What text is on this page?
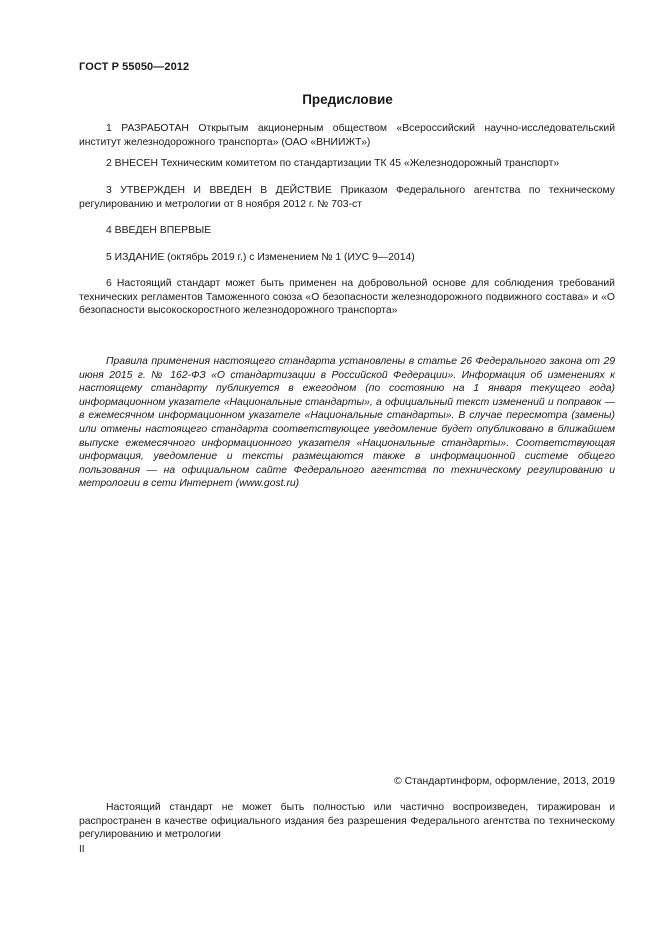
ГОСТ Р 55050—2012
Предисловие

1 РАЗРАБОТАН Открытым акционерным обществом «Всероссийский научно-исследовательский институт железнодорожного транспорта» (ОАО «ВНИИЖТ»)

2 ВНЕСЕН Техническим комитетом по стандартизации ТК 45 «Железнодорожный транспорт»

3 УТВЕРЖДЕН И ВВЕДЕН В ДЕЙСТВИЕ Приказом Федерального агентства по техническому регулированию и метрологии от 8 ноября 2012 г. № 703-ст

4 ВВЕДЕН ВПЕРВЫЕ

5 ИЗДАНИЕ (октябрь 2019 г.) с Изменением № 1 (ИУС 9—2014)

6 Настоящий стандарт может быть применен на добровольной основе для соблюдения требований технических регламентов Таможенного союза «О безопасности железнодорожного подвижного состава» и «О безопасности высокоскоростного железнодорожного транспорта»

Правила применения настоящего стандарта установлены в статье 26 Федерального закона от 29 июня 2015 г. № 162-ФЗ «О стандартизации в Российской Федерации». Информация об изменениях к настоящему стандарту публикуется в ежегодном (по состоянию на 1 января текущего года) информационном указателе «Национальные стандарты», а официальный текст изменений и поправок — в ежемесячном информационном указателе «Национальные стандарты». В случае пересмотра (замены) или отмены настоящего стандарта соответствующее уведомление будет опубликовано в ближайшем выпуске ежемесячного информационного указателя «Национальные стандарты». Соответствующая информация, уведомление и тексты размещаются также в информационной системе общего пользования — на официальном сайте Федерального агентства по техническому регулированию и метрологии в сети Интернет (www.gost.ru)

© Стандартинформ, оформление, 2013, 2019

Настоящий стандарт не может быть полностью или частично воспроизведен, тиражирован и распространен в качестве официального издания без разрешения Федерального агентства по техническому регулированию и метрологии

II
